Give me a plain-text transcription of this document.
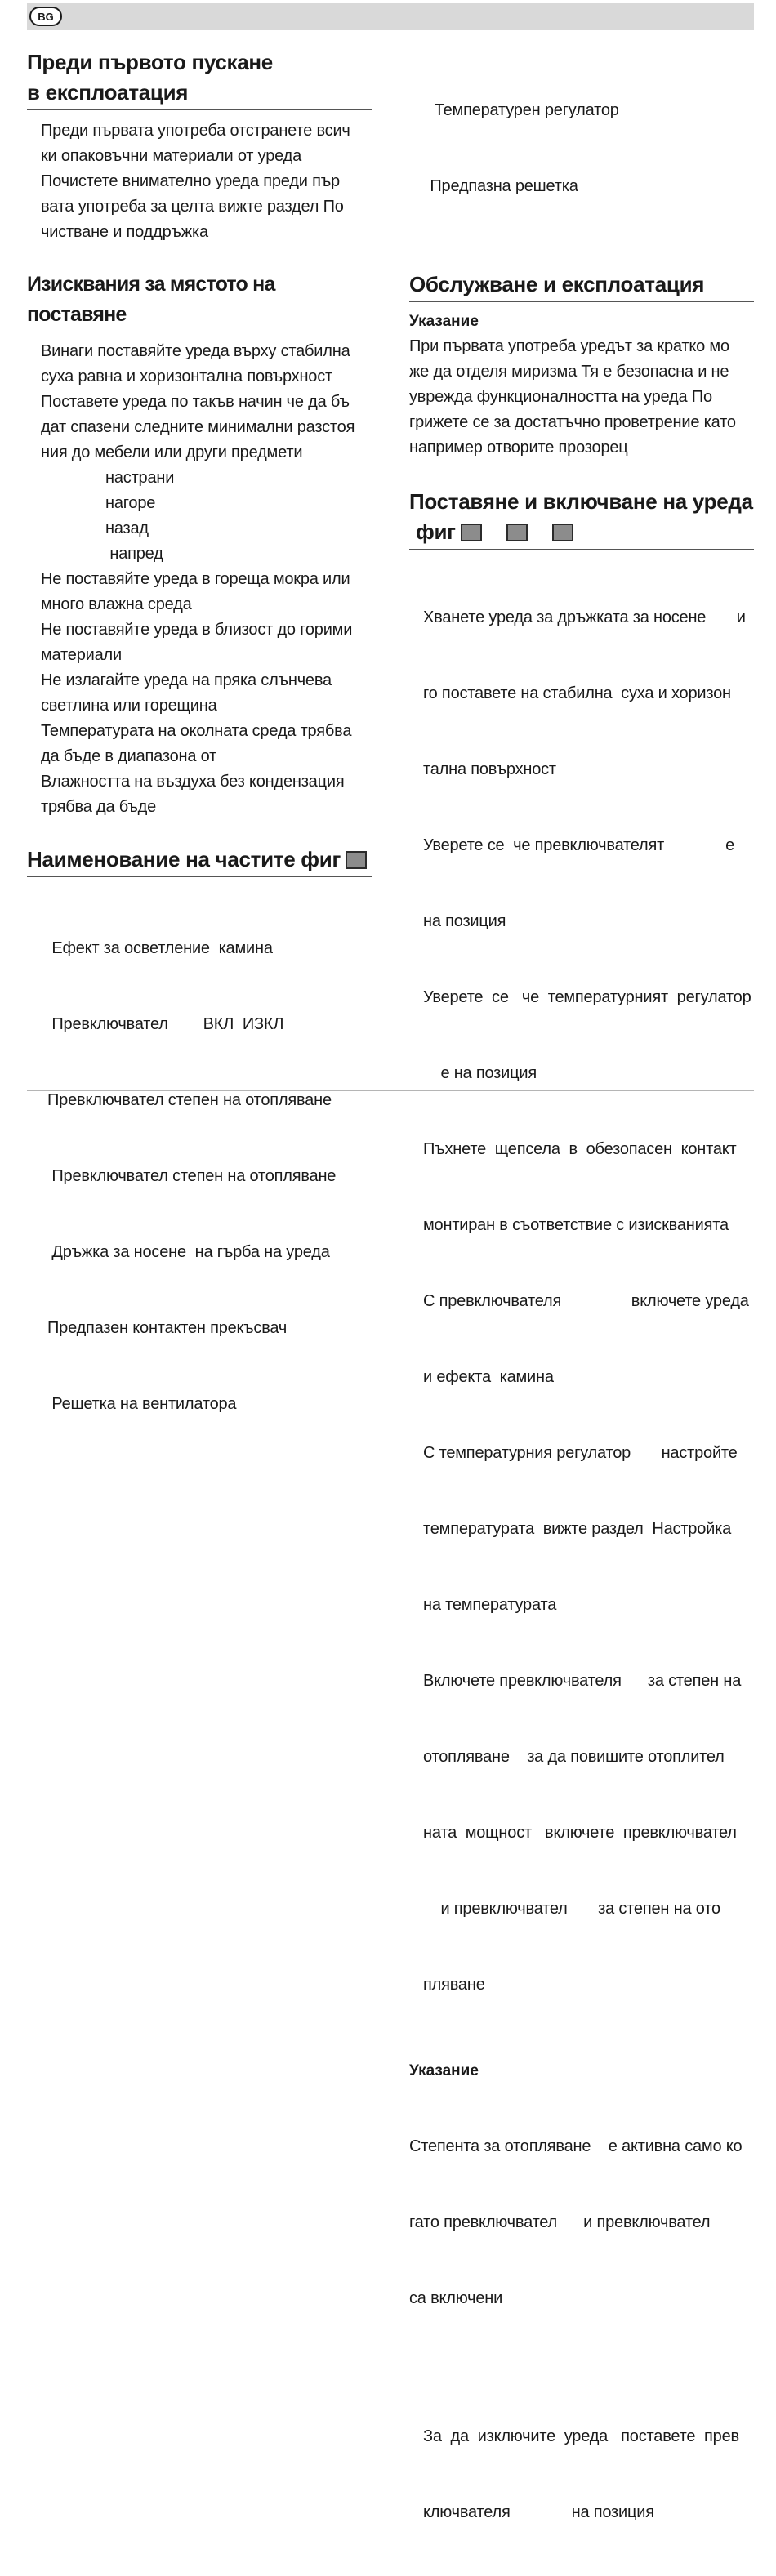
BG
Преди първото пускане
в експлоатация
Преди първата употреба отстранете всич
ки опаковъчни материали от уреда
Почистете внимателно уреда преди пър
вата употреба за целта вижте раздел По
чистване и поддръжка
Изисквания за мястото на поставяне
Винаги поставяйте уреда върху стабилна
суха равна и хоризонтална повърхност
Поставете уреда по такъв начин че да бъ
дат спазени следните минимални разстоя
ния до мебели или други предмети
настрани
нагоре
назад
напред
Не поставяйте уреда в гореща мокра или
много влажна среда
Не поставяйте уреда в близост до горими
материали
Не излагайте уреда на пряка слънчева
светлина или горещина
Температурата на околната среда трябва
да бъде в диапазона от
Влажността на въздуха без кондензация
трябва да бъде
Наименование на частите фиг

Ефект за осветление  камина

Превключвател        ВКЛ  ИЗКЛ

Превключвател степен на отопляване

Превключвател степен на отопляване

Дръжка за носене  на гърба на уреда

Предпазен контактен прекъсвач

Решетка на вентилатора

Температурен регулатор

Предпазна решетка

Обслужване и експлоатация
Указание
При първата употреба уредът за кратко мо
же да отделя миризма Тя е безопасна и не
уврежда функционалността на уреда По
грижете се за достатъчно проветрение като
например отворите прозорец
Поставяне и включване на уреда
фиг

Хванете уреда за дръжката за носене       и

го поставете на стабилна  суха и хоризон

тална повърхност

Уверете се  че превключвателят              е

на позиция

Уверете  се   че  температурният  регулатор

е на позиция

Пъхнете  щепсела  в  обезопасен  контакт

монтиран в съответствие с изискванията

С превключвателя                включете уреда

и ефекта  камина

С температурния регулатор       настройте

температурата  вижте раздел  Настройка

на температурата

Включете превключвателя      за степен на

отопляване    за да повишите отоплител

ната  мощност   включете  превключвател

и превключвател       за степен на ото

пляване

Указание

Степента за отопляване    е активна само ко

гато превключвател      и превключвател

са включени

За  да  изключите  уреда   поставете  прев

ключвателя              на позиция
